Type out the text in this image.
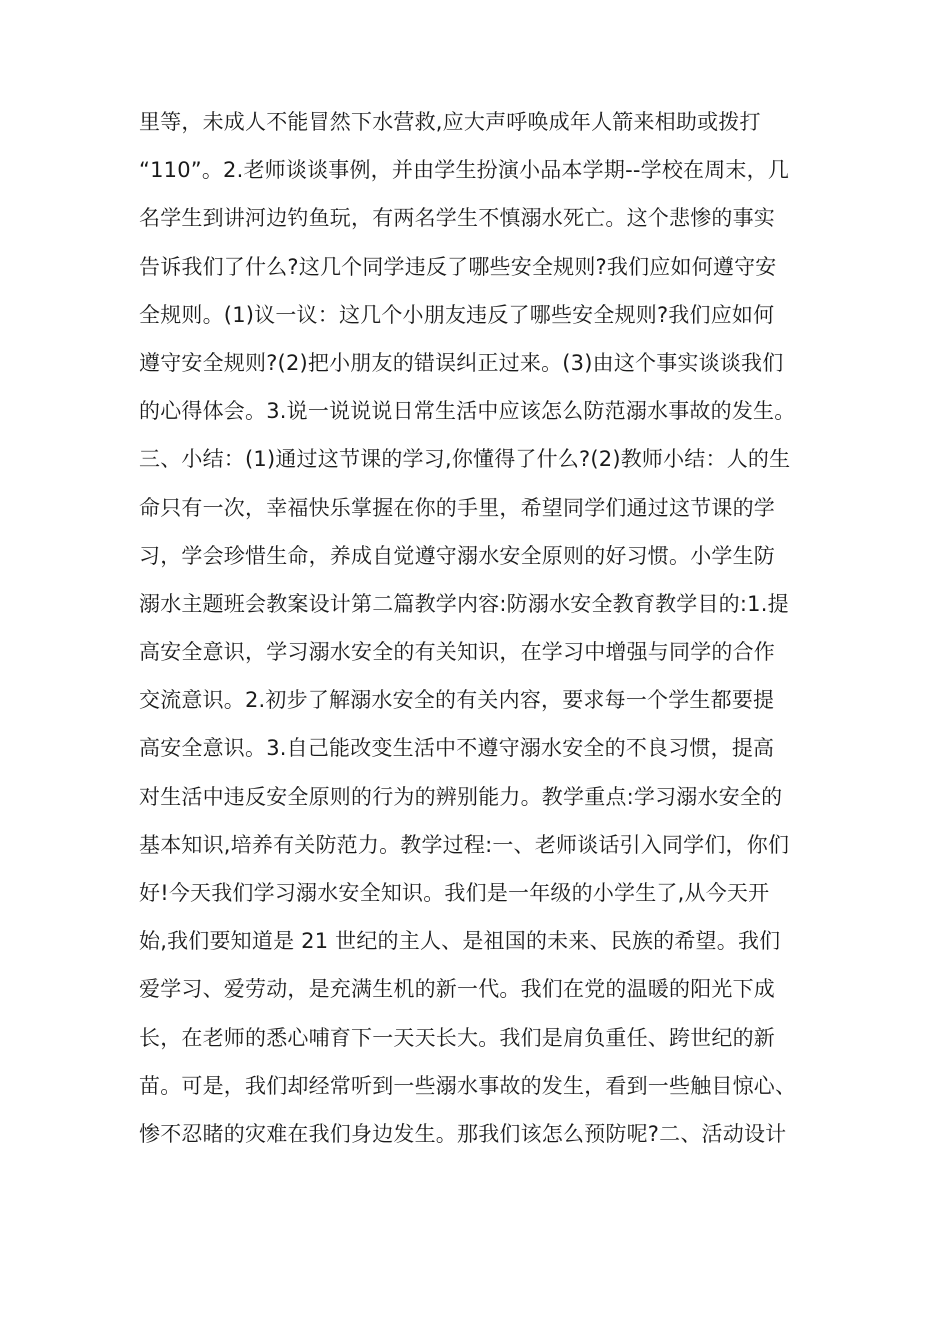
里等，未成人不能冒然下水营救,应大声呼唤成年人箭来相助或拨打
“110”。2.老师谈谈事例，并由学生扮演小品本学期--学校在周末，几
名学生到讲河边钓鱼玩，有两名学生不慎溺水死亡。这个悲惨的事实
告诉我们了什么?这几个同学违反了哪些安全规则?我们应如何遵守安
全规则。(1)议一议：这几个小朋友违反了哪些安全规则?我们应如何
遵守安全规则?(2)把小朋友的错误纠正过来。(3)由这个事实谈谈我们
的心得体会。3.说一说说说日常生活中应该怎么防范溺水事故的发生。
三、小结：(1)通过这节课的学习,你懂得了什么?(2)教师小结：人的生
命只有一次，幸福快乐掌握在你的手里，希望同学们通过这节课的学
习，学会珍惜生命，养成自觉遵守溺水安全原则的好习惯。小学生防
溺水主题班会教案设计第二篇教学内容:防溺水安全教育教学目的:1.提
高安全意识，学习溺水安全的有关知识，在学习中增强与同学的合作
交流意识。2.初步了解溺水安全的有关内容，要求每一个学生都要提
高安全意识。3.自己能改变生活中不遵守溺水安全的不良习惯，提高
对生活中违反安全原则的行为的辨别能力。教学重点:学习溺水安全的
基本知识,培养有关防范力。教学过程:一、老师谈话引入同学们，你们
好!今天我们学习溺水安全知识。我们是一年级的小学生了,从今天开
始,我们要知道是 21 世纪的主人、是祖国的未来、民族的希望。我们
爱学习、爱劳动，是充满生机的新一代。我们在党的温暖的阳光下成
长，在老师的悉心哺育下一天天长大。我们是肩负重任、跨世纪的新
苗。可是，我们却经常听到一些溺水事故的发生，看到一些触目惊心、
惨不忍睹的灾难在我们身边发生。那我们该怎么预防呢?二、活动设计
